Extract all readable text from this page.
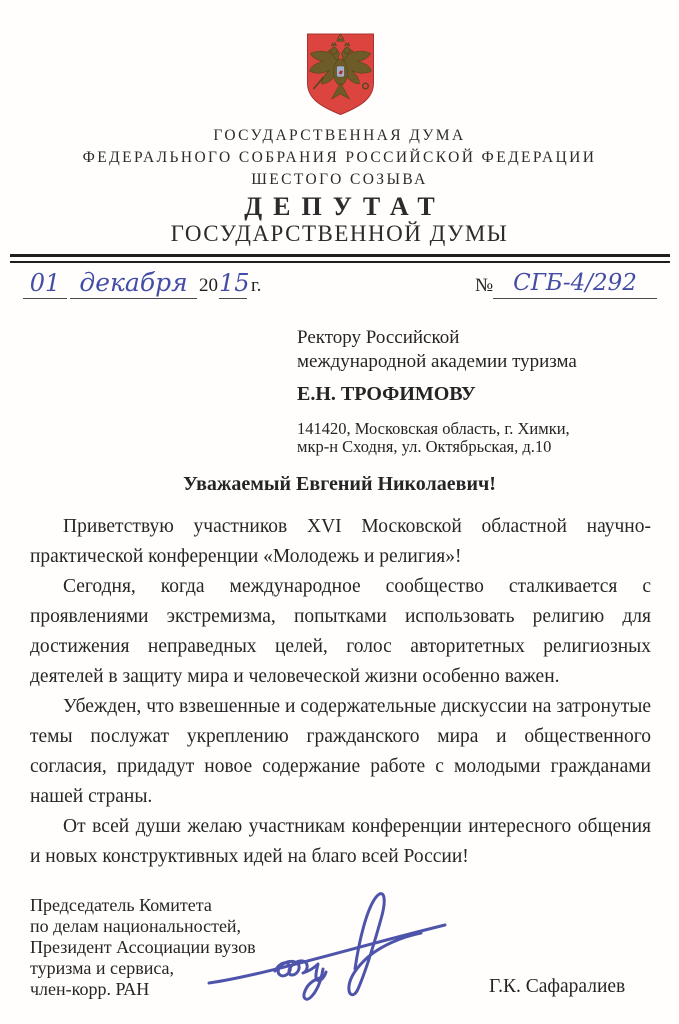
ГОСУДАРСТВЕННАЯ ДУМА
ФЕДЕРАЛЬНОГО СОБРАНИЯ РОССИЙСКОЙ ФЕДЕРАЦИИ
ШЕСТОГО СОЗЫВА
ДЕПУТАТ
ГОСУДАРСТВЕННОЙ ДУМЫ
01 декабря 20 15 г.	№ СГБ-4/292
Ректору Российской
международной академии туризма
Е.Н. ТРОФИМОВУ
141420, Московская область, г. Химки,
мкр-н Сходня, ул. Октябрьская, д.10
Уважаемый Евгений Николаевич!

Приветствую участников XVI Московской областной научно-практической конференции «Молодежь и религия»!

Сегодня, когда международное сообщество сталкивается с проявлениями экстремизма, попытками использовать религию для достижения неправедных целей, голос авторитетных религиозных деятелей в защиту мира и человеческой жизни особенно важен.

Убежден, что взвешенные и содержательные дискуссии на затронутые темы послужат укреплению гражданского мира и общественного согласия, придадут новое содержание работе с молодыми гражданами нашей страны.

От всей души желаю участникам конференции интересного общения и новых конструктивных идей на благо всей России!

Председатель Комитета
по делам национальностей,
Президент Ассоциации вузов
туризма и сервиса,
член-корр. РАН	Г.К. Сафаралиев
